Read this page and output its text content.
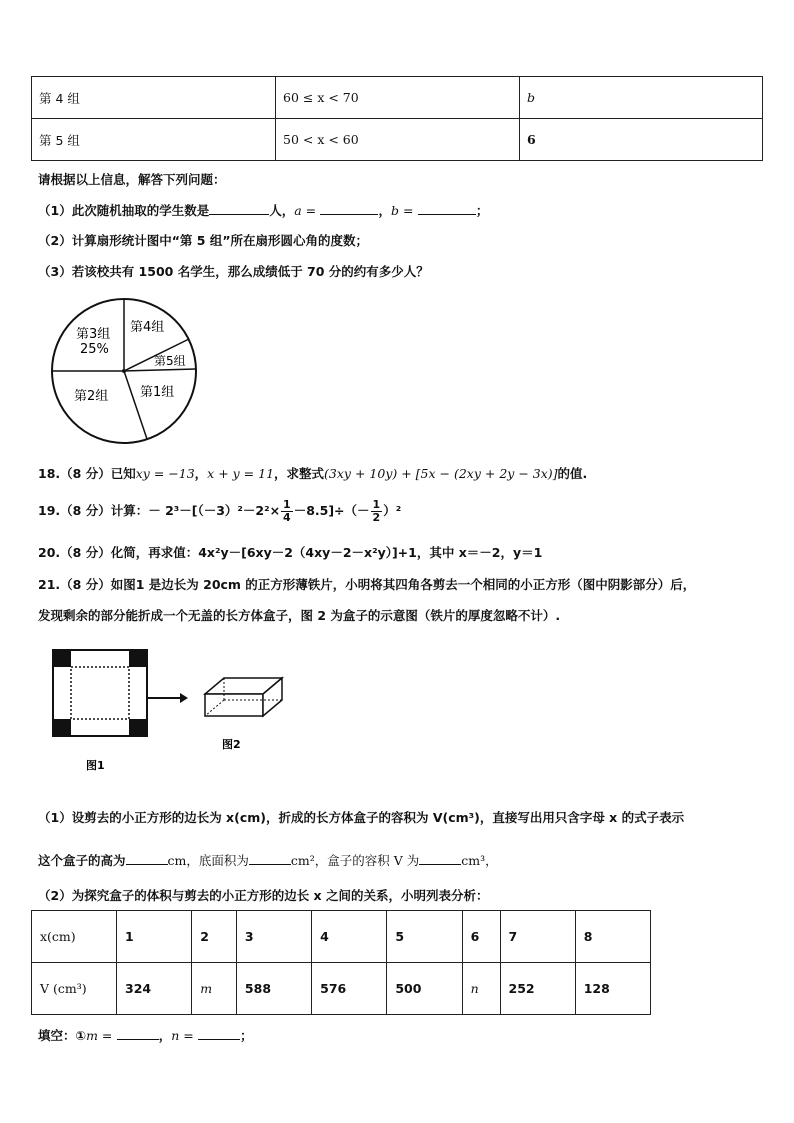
第 4 组	60 ≤ x < 70	b
第 5 组	50 < x < 60	6
请根据以上信息，解答下列问题：
（1）此次随机抽取的学生数是	人，a =	，b =	；
（2）计算扇形统计图中“第 5 组”所在扇形圆心角的度数；
（3）若该校共有 1500 名学生，那么成绩低于 70 分的约有多少人？
第4组
第5组
第1组
第2组
第3组
25%
18.（8 分）已知xy = −13，x + y = 11，求整式(3xy + 10y) + [5x − (2xy + 2y − 3x)]的值.
19.（8 分）计算：－ $2^3-[(-3)^2-2^2\times \frac{1}{4} -8.5]\div(- \frac{1}{2} )^2$
20.（8 分）化简，再求值：4x²y－[6xy－2（4xy－2－x²y）]+1，其中 x＝－2，y＝1
21.（8 分）如图1 是边长为 20cm 的正方形薄铁片，小明将其四角各剪去一个相同的小正方形（图中阴影部分）后，
发现剩余的部分能折成一个无盖的长方体盒子，图 2 为盒子的示意图（铁片的厚度忽略不计）.
图2
图1
（1）设剪去的小正方形的边长为 x(cm)，折成的长方体盒子的容积为 V(cm³)，直接写出用只含字母 x 的式子表示
这个盒子的高为	cm，底面积为	cm²，盒子的容积 V 为	cm³，
（2）为探究盒子的体积与剪去的小正方形的边长 x 之间的关系，小明列表分析：
x(cm)	1	2	3	4	5	6	7	8
V (cm³)	324	m	588	576	500	n	252	128
填空：①m =	，n =	；
